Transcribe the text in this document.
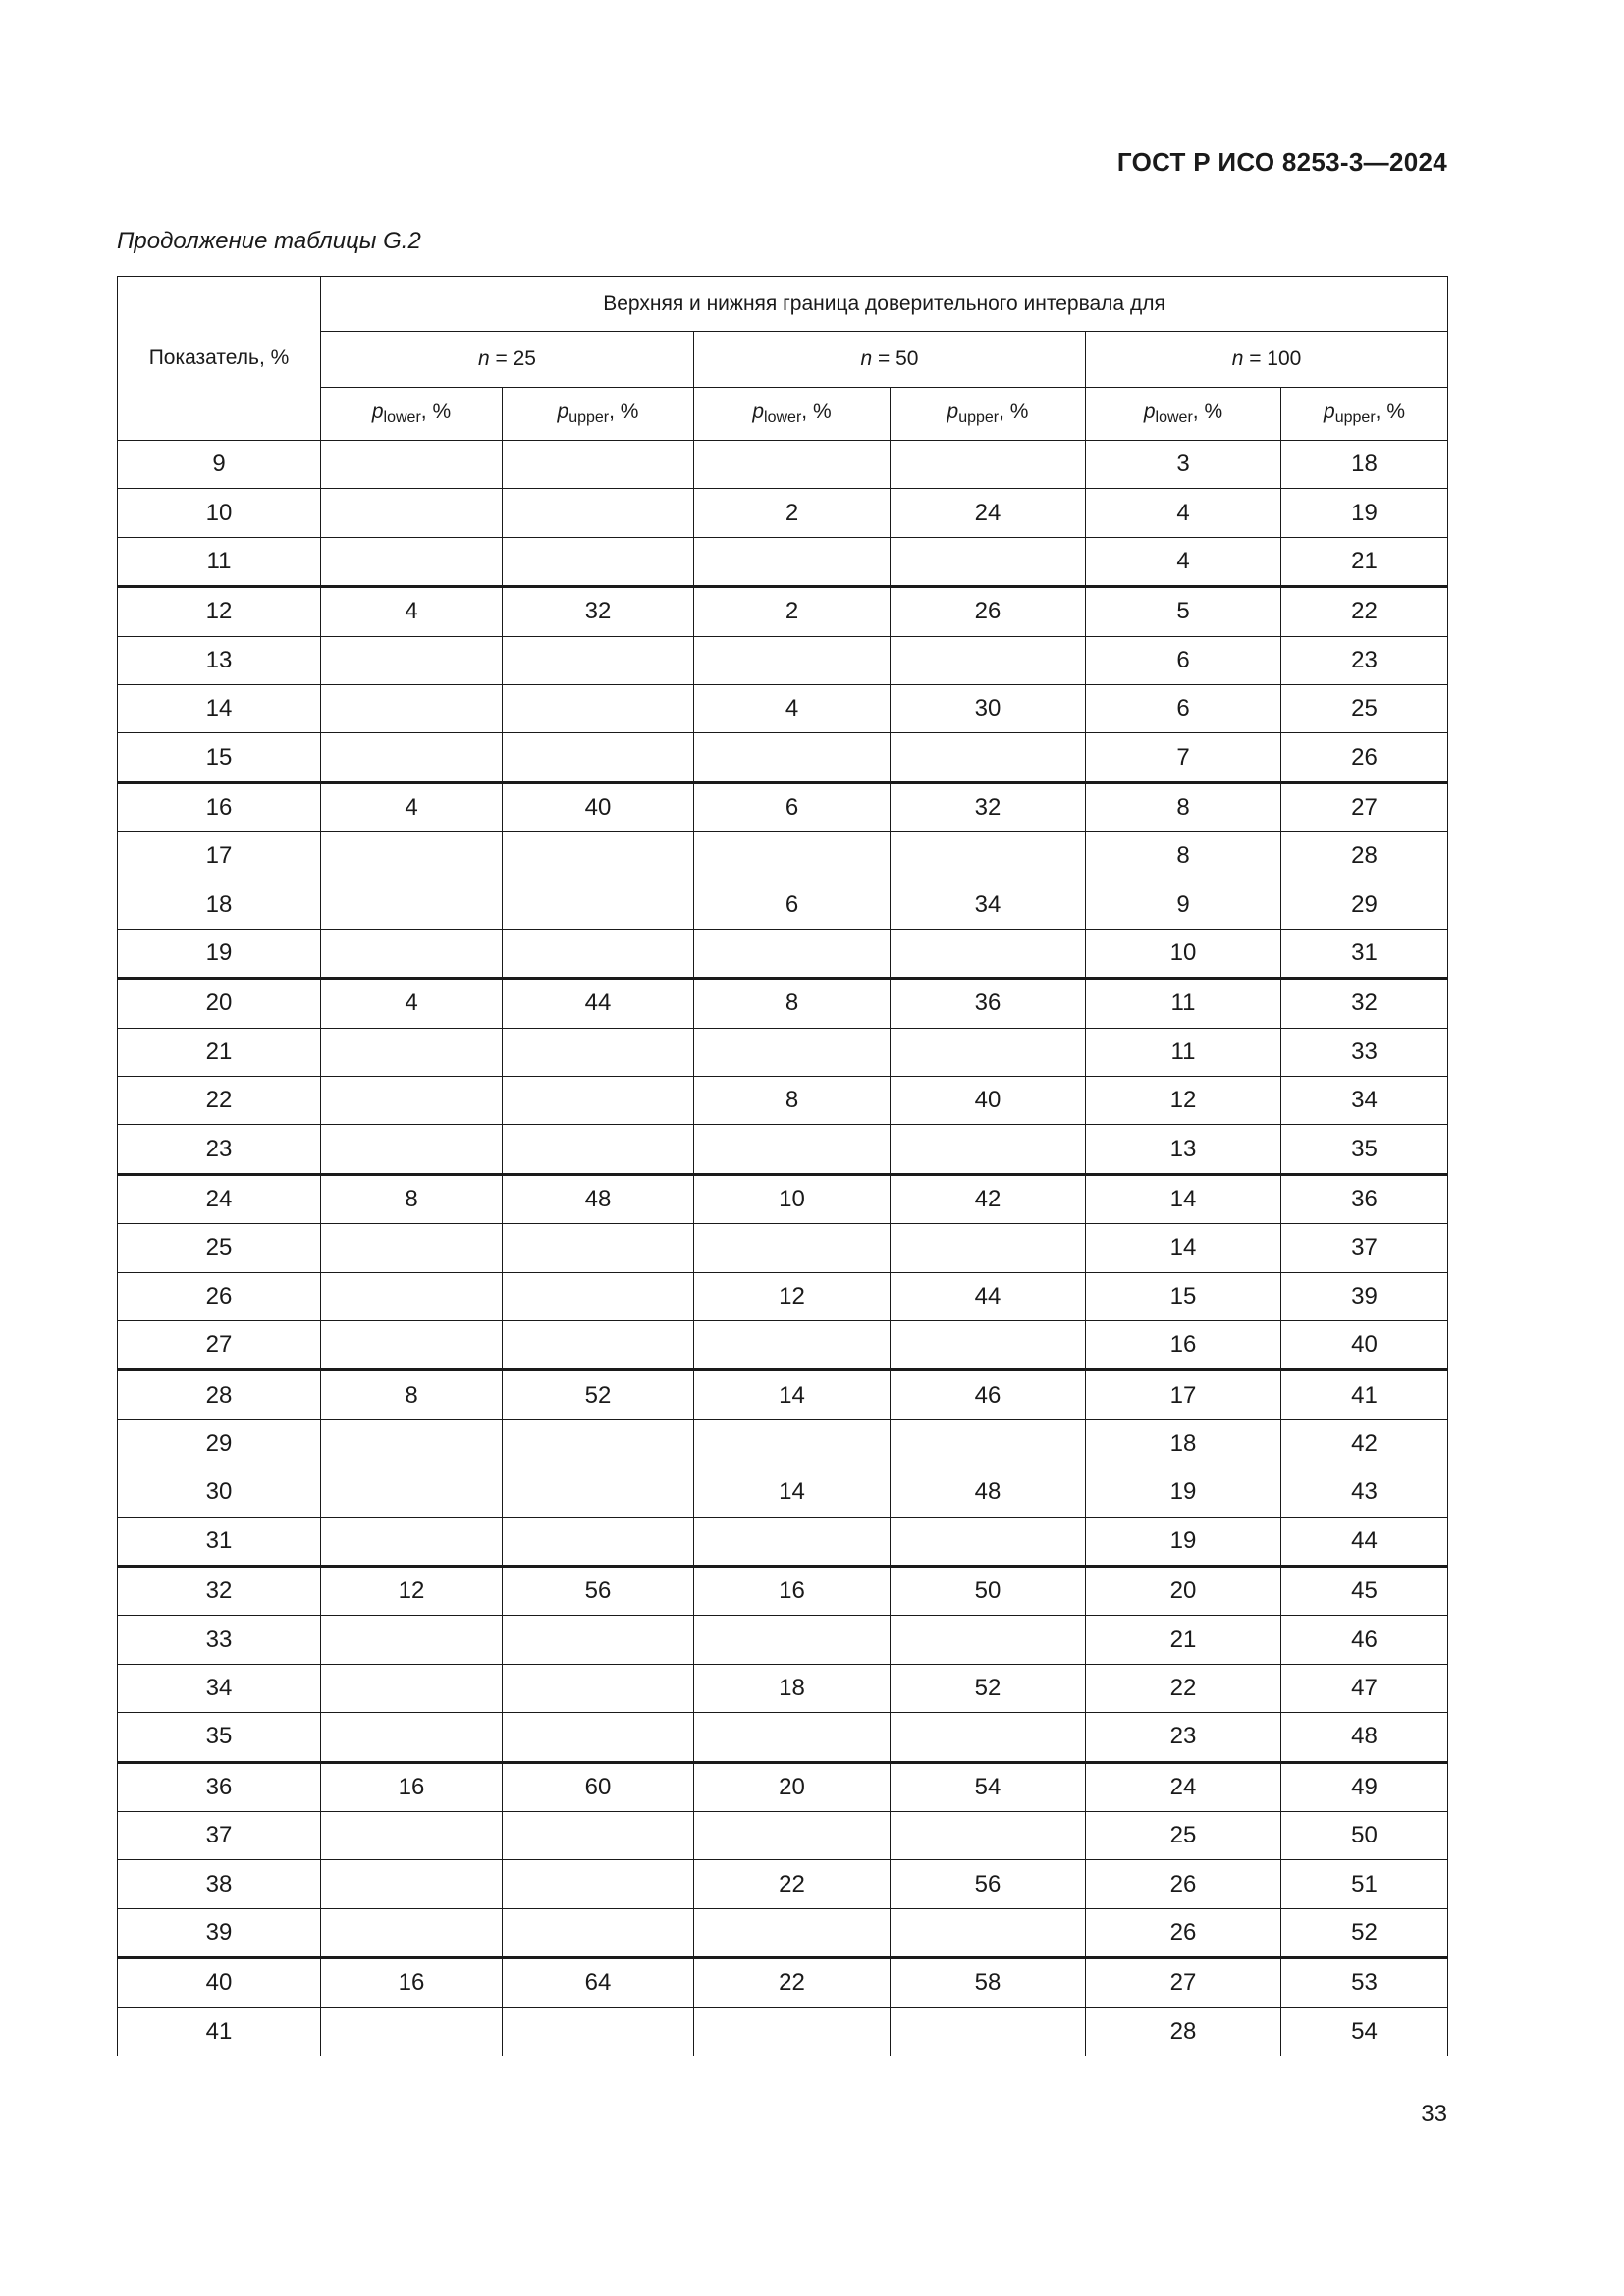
ГОСТ Р ИСО 8253-3—2024
Продолжение таблицы G.2
Показатель, %	Верхняя и нижняя граница доверительного интервала для					
	n = 25		n = 50		n = 100	
	$p_{lower}$, %	$p_{upper}$, %	$p_{lower}$, %	$p_{upper}$, %	$p_{lower}$, %	$p_{upper}$, %
9					3	18
10			2	24	4	19
11					4	21
12	4	32	2	26	5	22
13					6	23
14			4	30	6	25
15					7	26
16	4	40	6	32	8	27
17					8	28
18			6	34	9	29
19					10	31
20	4	44	8	36	11	32
21					11	33
22			8	40	12	34
23					13	35
24	8	48	10	42	14	36
25					14	37
26			12	44	15	39
27					16	40
28	8	52	14	46	17	41
29					18	42
30			14	48	19	43
31					19	44
32	12	56	16	50	20	45
33					21	46
34			18	52	22	47
35					23	48
36	16	60	20	54	24	49
37					25	50
38			22	56	26	51
39					26	52
40	16	64	22	58	27	53
41					28	54
33
